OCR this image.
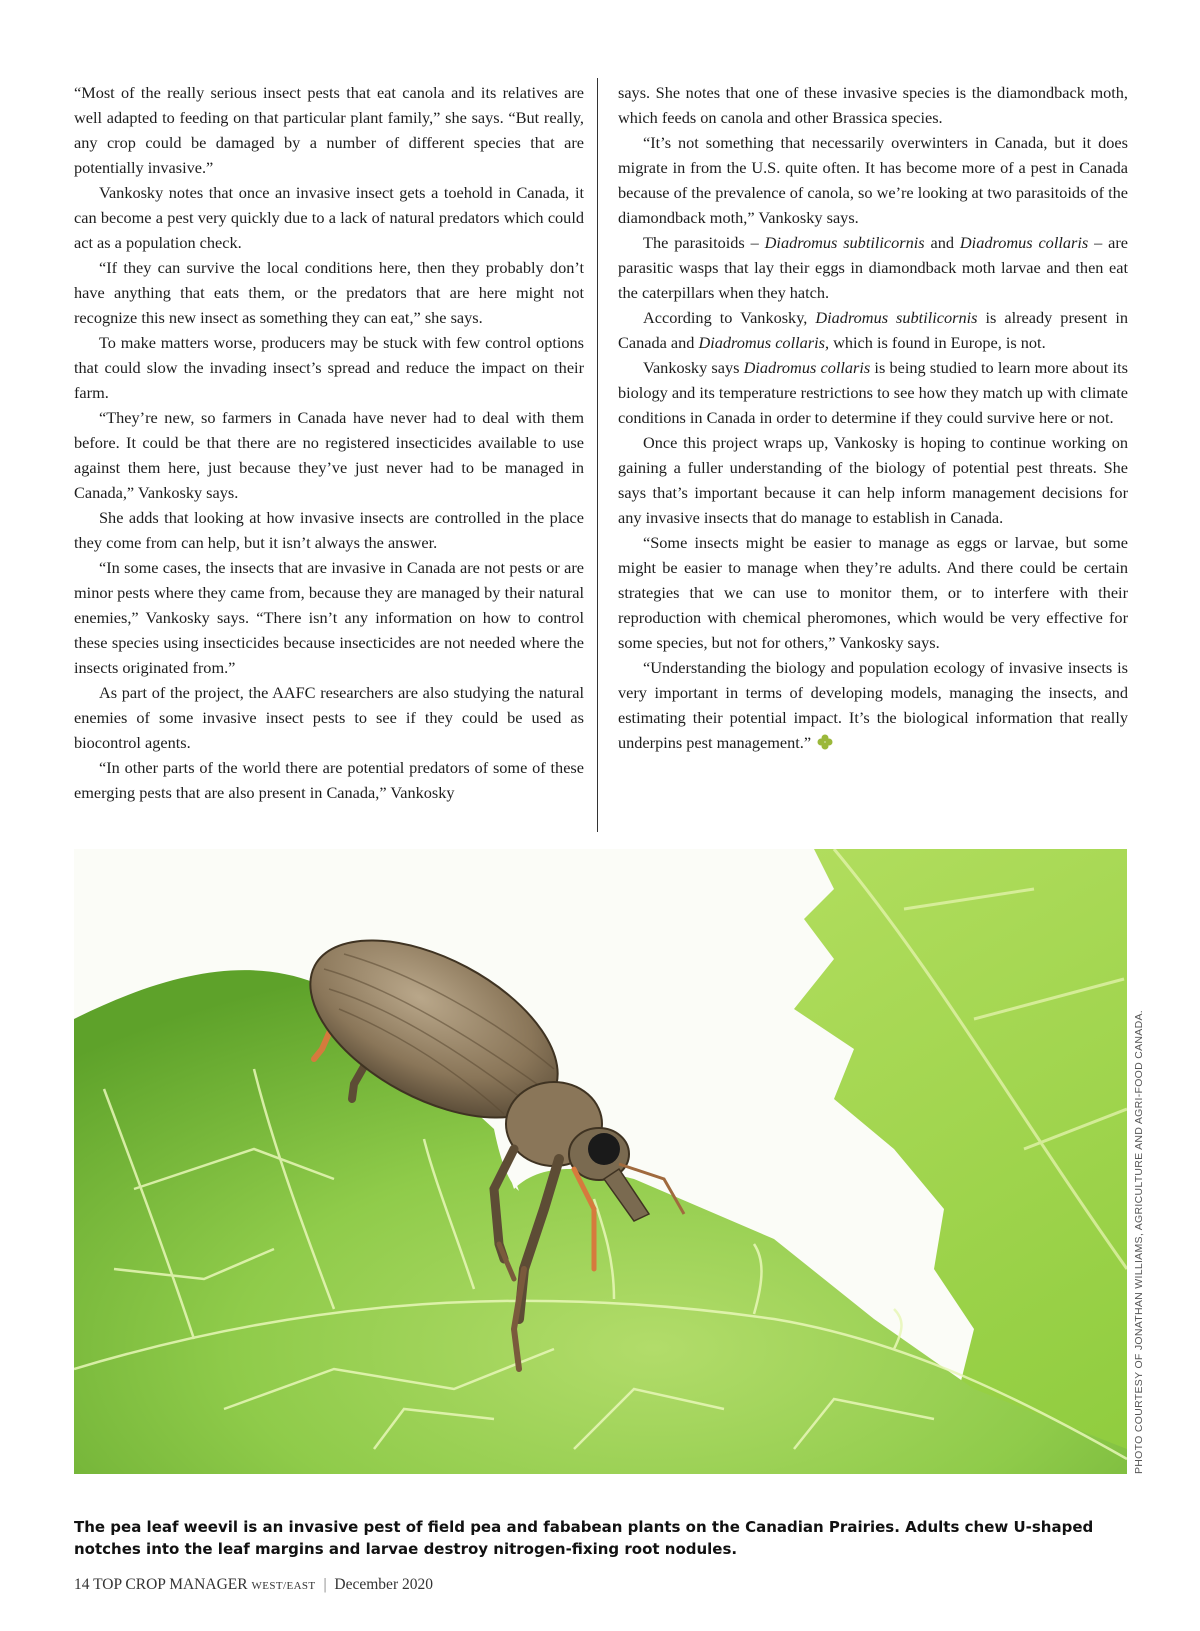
“Most of the really serious insect pests that eat canola and its relatives are well adapted to feeding on that particular plant family,” she says. “But really, any crop could be damaged by a number of different species that are potentially invasive.”

Vankosky notes that once an invasive insect gets a toehold in Canada, it can become a pest very quickly due to a lack of natural predators which could act as a population check.

“If they can survive the local conditions here, then they probably don’t have anything that eats them, or the predators that are here might not recognize this new insect as something they can eat,” she says.

To make matters worse, producers may be stuck with few control options that could slow the invading insect’s spread and reduce the impact on their farm.

“They’re new, so farmers in Canada have never had to deal with them before. It could be that there are no registered insecticides available to use against them here, just because they’ve just never had to be managed in Canada,” Vankosky says.

She adds that looking at how invasive insects are controlled in the place they come from can help, but it isn’t always the answer.

“In some cases, the insects that are invasive in Canada are not pests or are minor pests where they came from, because they are managed by their natural enemies,” Vankosky says. “There isn’t any information on how to control these species using insecticides because insecticides are not needed where the insects originated from.”

As part of the project, the AAFC researchers are also studying the natural enemies of some invasive insect pests to see if they could be used as biocontrol agents.

“In other parts of the world there are potential predators of some of these emerging pests that are also present in Canada,” Vankosky

says. She notes that one of these invasive species is the diamondback moth, which feeds on canola and other Brassica species.

“It’s not something that necessarily overwinters in Canada, but it does migrate in from the U.S. quite often. It has become more of a pest in Canada because of the prevalence of canola, so we’re looking at two parasitoids of the diamondback moth,” Vankosky says.

The parasitoids – Diadromus subtilicornis and Diadromus collaris – are parasitic wasps that lay their eggs in diamondback moth larvae and then eat the caterpillars when they hatch.

According to Vankosky, Diadromus subtilicornis is already present in Canada and Diadromus collaris, which is found in Europe, is not.

Vankosky says Diadromus collaris is being studied to learn more about its biology and its temperature restrictions to see how they match up with climate conditions in Canada in order to determine if they could survive here or not.

Once this project wraps up, Vankosky is hoping to continue working on gaining a fuller understanding of the biology of potential pest threats. She says that’s important because it can help inform management decisions for any invasive insects that do manage to establish in Canada.

“Some insects might be easier to manage as eggs or larvae, but some might be easier to manage when they’re adults. And there could be certain strategies that we can use to monitor them, or to interfere with their reproduction with chemical pheromones, which would be very effective for some species, but not for others,” Vankosky says.

“Understanding the biology and population ecology of invasive insects is very important in terms of developing models, managing the insects, and estimating their potential impact. It’s the biological information that really underpins pest management.”

PHOTO COURTESY OF JONATHAN WILLIAMS, AGRICULTURE AND AGRI-FOOD CANADA.
The pea leaf weevil is an invasive pest of field pea and fababean plants on the Canadian Prairies. Adults chew U-shaped notches into the leaf margins and larvae destroy nitrogen-fixing root nodules.
14 TOP CROP MANAGER WEST/EAST | December 2020
